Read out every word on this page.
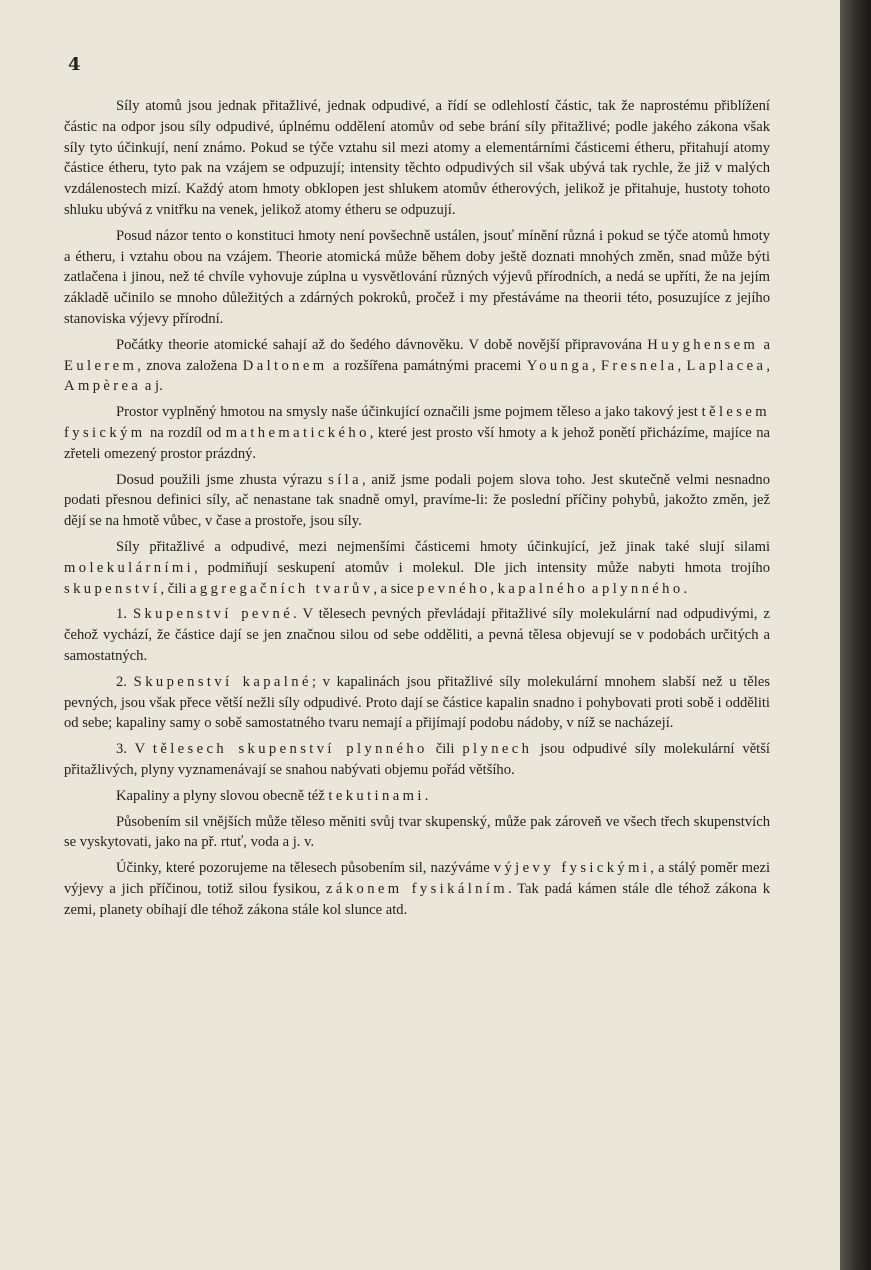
4

Síly atomů jsou jednak přitažlivé, jednak odpudivé, a řídí se odlehlostí částic, tak že naprostému přiblížení částic na odpor jsou síly odpudivé, úplnému oddělení atomův od sebe brání síly přitažlivé; podle jakého zákona však síly tyto účinkují, není známo. Pokud se týče vztahu sil mezi atomy a elementárními částicemi étheru, přitahují atomy částice étheru, tyto pak na vzájem se odpuzují; intensity těchto odpudivých sil však ubývá tak rychle, že již v malých vzdálenostech mizí. Každý atom hmoty obklopen jest shlukem atomův étherových, jelikož je přitahuje, hustoty tohoto shluku ubývá z vnitřku na venek, jelikož atomy étheru se odpuzují.

Posud názor tento o konstituci hmoty není povšechně ustálen, jsouť mínění různá i pokud se týče atomů hmoty a étheru, i vztahu obou na vzájem. Theorie atomická může během doby ještě doznati mnohých změn, snad může býti zatlačena i jinou, než té chvíle vyhovuje zúplna u vysvětlování různých výjevů přírodních, a nedá se upříti, že na jejím základě učinilo se mnoho důležitých a zdárných pokroků, pročež i my přestáváme na theorii této, posuzujíce z jejího stanoviska výjevy přírodní.

Počátky theorie atomické sahají až do šedého dávnověku. V době novější připravována Huyghensem a Eulerem, znova založena Daltonem a rozšířena památnými pracemi Younga, Fresnela, Laplacea, Ampèrea a j.

Prostor vyplněný hmotou na smysly naše účinkující označili jsme pojmem těleso a jako takový jest tělesem fysickým na rozdíl od mathematického, které jest prosto vší hmoty a k jehož ponětí přicházíme, majíce na zřeteli omezený prostor prázdný.

Dosud použili jsme zhusta výrazu síla, aniž jsme podali pojem slova toho. Jest skutečně velmi nesnadno podati přesnou definici síly, ač nenastane tak snadně omyl, pravíme-li: že poslední příčiny pohybů, jakožto změn, jež dějí se na hmotě vůbec, v čase a prostoře, jsou síly.

Síly přitažlivé a odpudivé, mezi nejmenšími částicemi hmoty účinkující, jež jinak také slují silami molekulárními, podmiňují seskupení atomův i molekul. Dle jich intensity může nabyti hmota trojího skupenství, čili aggregačních tvarův, a sice pevného, kapalného a plynného.

1. Skupenství pevné. V tělesech pevných převládají přitažlivé síly molekulární nad odpudivými, z čehož vychází, že částice dají se jen značnou silou od sebe odděliti, a pevná tělesa objevují se v podobách určitých a samostatných.

2. Skupenství kapalné; v kapalinách jsou přitažlivé síly molekulární mnohem slabší než u těles pevných, jsou však přece větší nežli síly odpudivé. Proto dají se částice kapalin snadno i pohybovati proti sobě i odděliti od sebe; kapaliny samy o sobě samostatného tvaru nemají a přijímají podobu nádoby, v níž se nacházejí.

3. V tělesech skupenství plynného čili plynech jsou odpudivé síly molekulární větší přitažlivých, plyny vyznamenávají se snahou nabývati objemu pořád většího.

Kapaliny a plyny slovou obecně též tekutinami.

Působením sil vnějších může těleso měniti svůj tvar skupenský, může pak zároveň ve všech třech skupenstvích se vyskytovati, jako na př. rtuť, voda a j. v.

Účinky, které pozorujeme na tělesech působením sil, nazýváme výjevy fysickými, a stálý poměr mezi výjevy a jich příčinou, totiž silou fysikou, zákonem fysikálním. Tak padá kámen stále dle téhož zákona k zemi, planety obíhají dle téhož zákona stále kol slunce atd.
